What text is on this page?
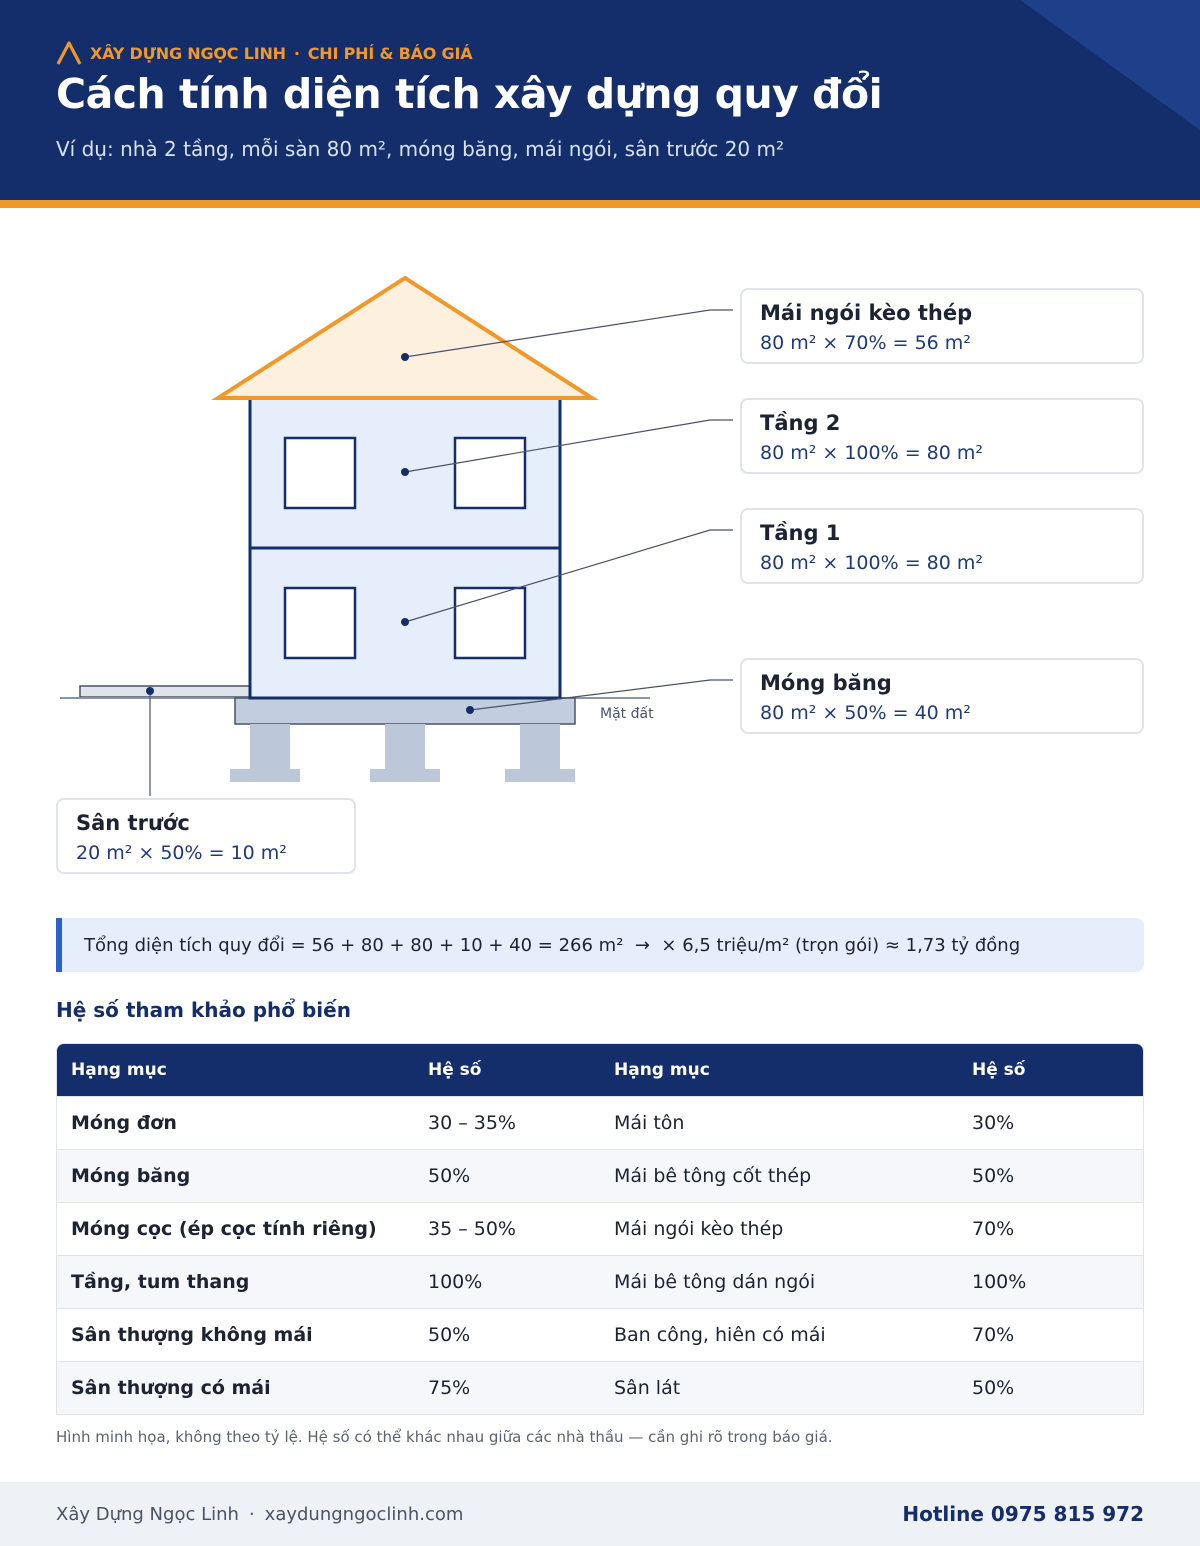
XÂY DỰNG NGỌC LINH · CHI PHÍ & BÁO GIÁ
Cách tính diện tích xây dựng quy đổi
Ví dụ: nhà 2 tầng, mỗi sàn 80 m², móng băng, mái ngói, sân trước 20 m²
Mặt đất
Mái ngói kèo thép
80 m² × 70% = 56 m²
Tầng 2
80 m² × 100% = 80 m²
Tầng 1
80 m² × 100% = 80 m²
Móng băng
80 m² × 50% = 40 m²
Sân trước
20 m² × 50% = 10 m²
Tổng diện tích quy đổi = 56 + 80 + 80 + 10 + 40 = 266 m²  →  × 6,5 triệu/m² (trọn gói) ≈ 1,73 tỷ đồng
Hệ số tham khảo phổ biến
Hạng mục	Hệ số	Hạng mục	Hệ số
Móng đơn	30 – 35%	Mái tôn	30%
Móng băng	50%	Mái bê tông cốt thép	50%
Móng cọc (ép cọc tính riêng)	35 – 50%	Mái ngói kèo thép	70%
Tầng, tum thang	100%	Mái bê tông dán ngói	100%
Sân thượng không mái	50%	Ban công, hiên có mái	70%
Sân thượng có mái	75%	Sân lát	50%
Hình minh họa, không theo tỷ lệ. Hệ số có thể khác nhau giữa các nhà thầu — cần ghi rõ trong báo giá.
Xây Dựng Ngọc Linh · xaydungngoclinh.com	Hotline 0975 815 972
